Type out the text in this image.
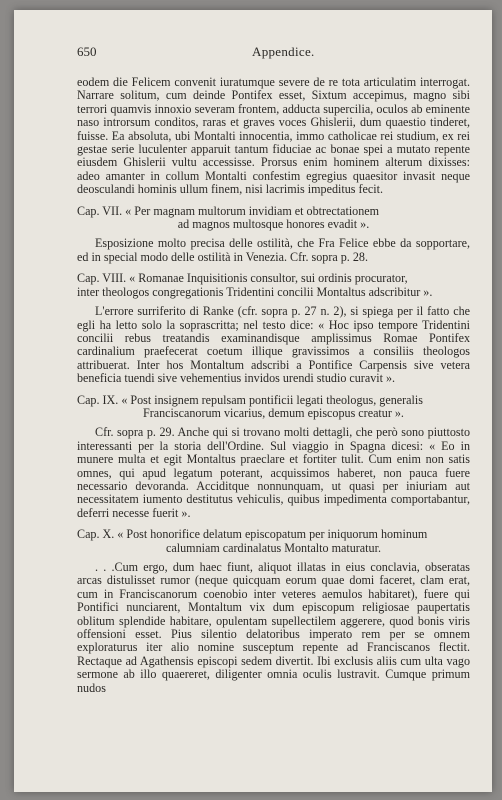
650	Appendice.

eodem die Felicem convenit iuratumque severe de re tota articulatim interrogat. Narrare solitum, cum deinde Pontifex esset, Sixtum accepimus, magno sibi terrori quamvis innoxio severam frontem, adducta supercilia, oculos ab eminente naso introrsum conditos, raras et graves voces Ghislerii, dum quaestio tinderet, fuisse. Ea absoluta, ubi Montalti innocentia, immo catholicae rei studium, ex rei gestae serie luculenter apparuit tantum fiduciae ac bonae spei a mutato repente eiusdem Ghislerii vultu accessisse. Prorsus enim hominem alterum dixisses: adeo amanter in collum Montalti confestim egregius quaesitor invasit neque deosculandi hominis ullum finem, nisi lacrimis impeditus fecit.

Cap. VII. « Per magnam multorum invidiam et obtrectationem

ad magnos multosque honores evadit ».

Esposizione molto precisa delle ostilità, che Fra Felice ebbe da sopportare, ed in special modo delle ostilità in Venezia. Cfr. sopra p. 28.

Cap. VIII. « Romanae Inquisitionis consultor, sui ordinis procurator,

inter theologos congregationis Tridentini concilii Montaltus adscribitur ».

L'errore surriferito di Ranke (cfr. sopra p. 27 n. 2), si spiega per il fatto che egli ha letto solo la soprascritta; nel testo dice: « Hoc ipso tempore Tridentini concilii rebus treatandis examinandisque amplissimus Romae Pontifex cardinalium praefecerat coetum illique gravissimos a consiliis theologos attribuerat. Inter hos Montaltum adscribi a Pontifice Carpensis sive vetera beneficia tuendi sive vehementius invidos urendi studio curavit ».

Cap. IX. « Post insignem repulsam pontificii legati theologus, generalis

Franciscanorum vicarius, demum episcopus creatur ».

Cfr. sopra p. 29. Anche qui si trovano molti dettagli, che però sono piuttosto interessanti per la storia dell'Ordine. Sul viaggio in Spagna dicesi: « Eo in munere multa et egit Montaltus praeclare et fortiter tulit. Cum enim non satis omnes, qui apud legatum poterant, acquissimos haberet, non pauca fuere necessario devoranda. Acciditque nonnunquam, ut quasi per iniuriam aut necessitatem iumento destitutus vehiculis, quibus impedimenta comportabantur, deferri necesse fuerit ».

Cap. X. « Post honorifice delatum episcopatum per iniquorum hominum

calumniam cardinalatus Montalto maturatur.

. . .Cum ergo, dum haec fiunt, aliquot illatas in eius conclavia, obseratas arcas distulisset rumor (neque quicquam eorum quae domi faceret, clam erat, cum in Franciscanorum coenobio inter veteres aemulos habitaret), fuere qui Pontifici nunciarent, Montaltum vix dum episcopum religiosae paupertatis oblitum splendide habitare, opulentam supellectilem aggerere, quod bonis viris offensioni esset. Pius silentio delatoribus imperato rem per se omnem exploraturus iter alio nomine susceptum repente ad Franciscanos flectit. Rectaque ad Agathensis episcopi sedem divertit. Ibi exclusis aliis cum ulta vago sermone ab illo quaereret, diligenter omnia oculis lustravit. Cumque primum nudos
